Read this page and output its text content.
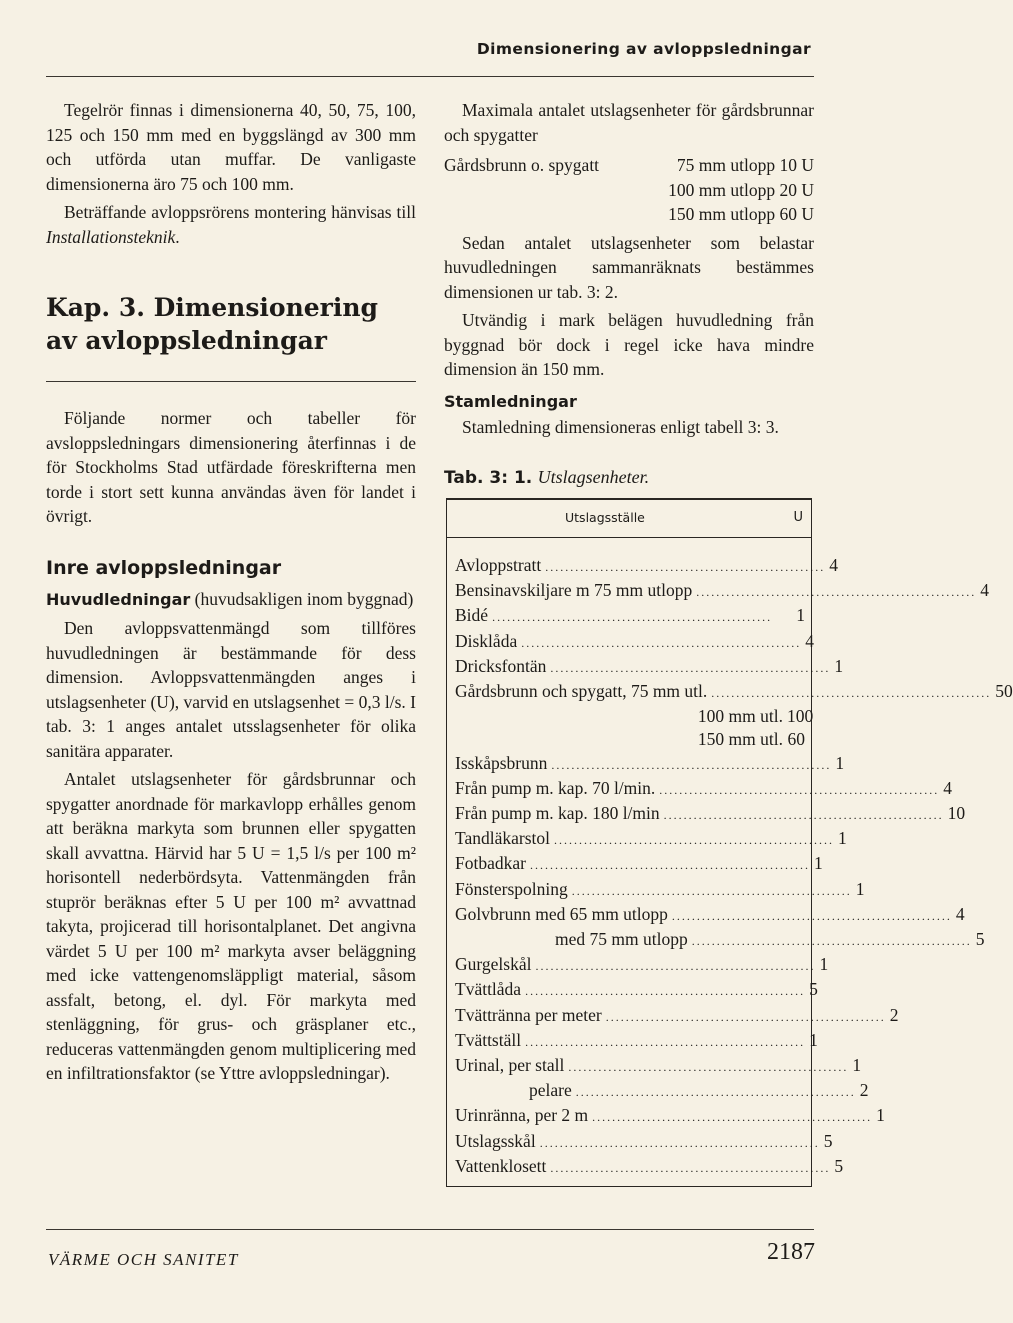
Dimensionering av avloppsledningar

Tegelrör finnas i dimensionerna 40, 50, 75, 100, 125 och 150 mm med en byggslängd av 300 mm och utförda utan muffar. De vanligaste dimensionerna äro 75 och 100 mm.

Beträffande avloppsrörens montering hänvisas till Installationsteknik.

Kap. 3. Dimensionering av avloppsledningar

Följande normer och tabeller för avsloppsledningars dimensionering återfinnas i de för Stockholms Stad utfärdade föreskrifterna men torde i stort sett kunna användas även för landet i övrigt.

Inre avloppsledningar

Huvudledningar (huvudsakligen inom byggnad)

Den avloppsvattenmängd som tillföres huvudledningen är bestämmande för dess dimension. Avloppsvattenmängden anges i utslagsenheter (U), varvid en utslagsenhet = 0,3 l/s. I tab. 3: 1 anges antalet utsslagsenheter för olika sanitära apparater.

Antalet utslagsenheter för gårdsbrunnar och spygatter anordnade för markavlopp erhålles genom att beräkna markyta som brunnen eller spygatten skall avvattna. Härvid har 5 U = 1,5 l/s per 100 m² horisontell nederbördsyta. Vattenmängden från stuprör beräknas efter 5 U per 100 m² avvattnad takyta, projicerad till horisontalplanet. Det angivna värdet 5 U per 100 m² markyta avser beläggning med icke vattengenomsläppligt material, såsom assfalt, betong, el. dyl. För markyta med stenläggning, för grus- och gräsplaner etc., reduceras vattenmängden genom multiplicering med en infiltrationsfaktor (se Yttre avloppsledningar).

Maximala antalet utslagsenheter för gårdsbrunnar och spygatter

Gårdsbrunn o. spygatt	75 mm utlopp 10 U
100 mm utlopp 20 U
150 mm utlopp 60 U

Sedan antalet utslagsenheter som belastar huvudledningen sammanräknats bestämmes dimensionen ur tab. 3: 2.

Utvändig i mark belägen huvudledning från byggnad bör dock i regel icke hava mindre dimension än 150 mm.

Stamledningar

Stamledning dimensioneras enligt tabell 3: 3.

Tab. 3: 1. Utslagsenheter.
Utslagsställe	U
Avloppstratt ........................................................ 4
Bensinavskiljare m 75 mm utlopp ........................................................ 4
Bidé ........................................................	1
Disklåda ........................................................ 4
Dricksfontän ........................................................ 1
Gårdsbrunn och spygatt, 75 mm utl. ........................................................ 50
100 mm utl. 100
150 mm utl. 60
Isskåpsbrunn ........................................................ 1
Från pump m. kap. 70 l/min. ........................................................ 4
Från pump m. kap. 180 l/min ........................................................ 10
Tandläkarstol ........................................................ 1
Fotbadkar ........................................................ 1
Fönsterspolning ........................................................ 1
Golvbrunn med 65 mm utlopp ........................................................ 4
med 75 mm utlopp ........................................................ 5
Gurgelskål ........................................................ 1
Tvättlåda ........................................................ 5
Tvättränna per meter ........................................................ 2
Tvättställ ........................................................ 1
Urinal, per stall ........................................................ 1
pelare ........................................................ 2
Urinränna, per 2 m ........................................................ 1
Utslagsskål ........................................................ 5
Vattenklosett ........................................................ 5
VÄRME OCH SANITET	2187
